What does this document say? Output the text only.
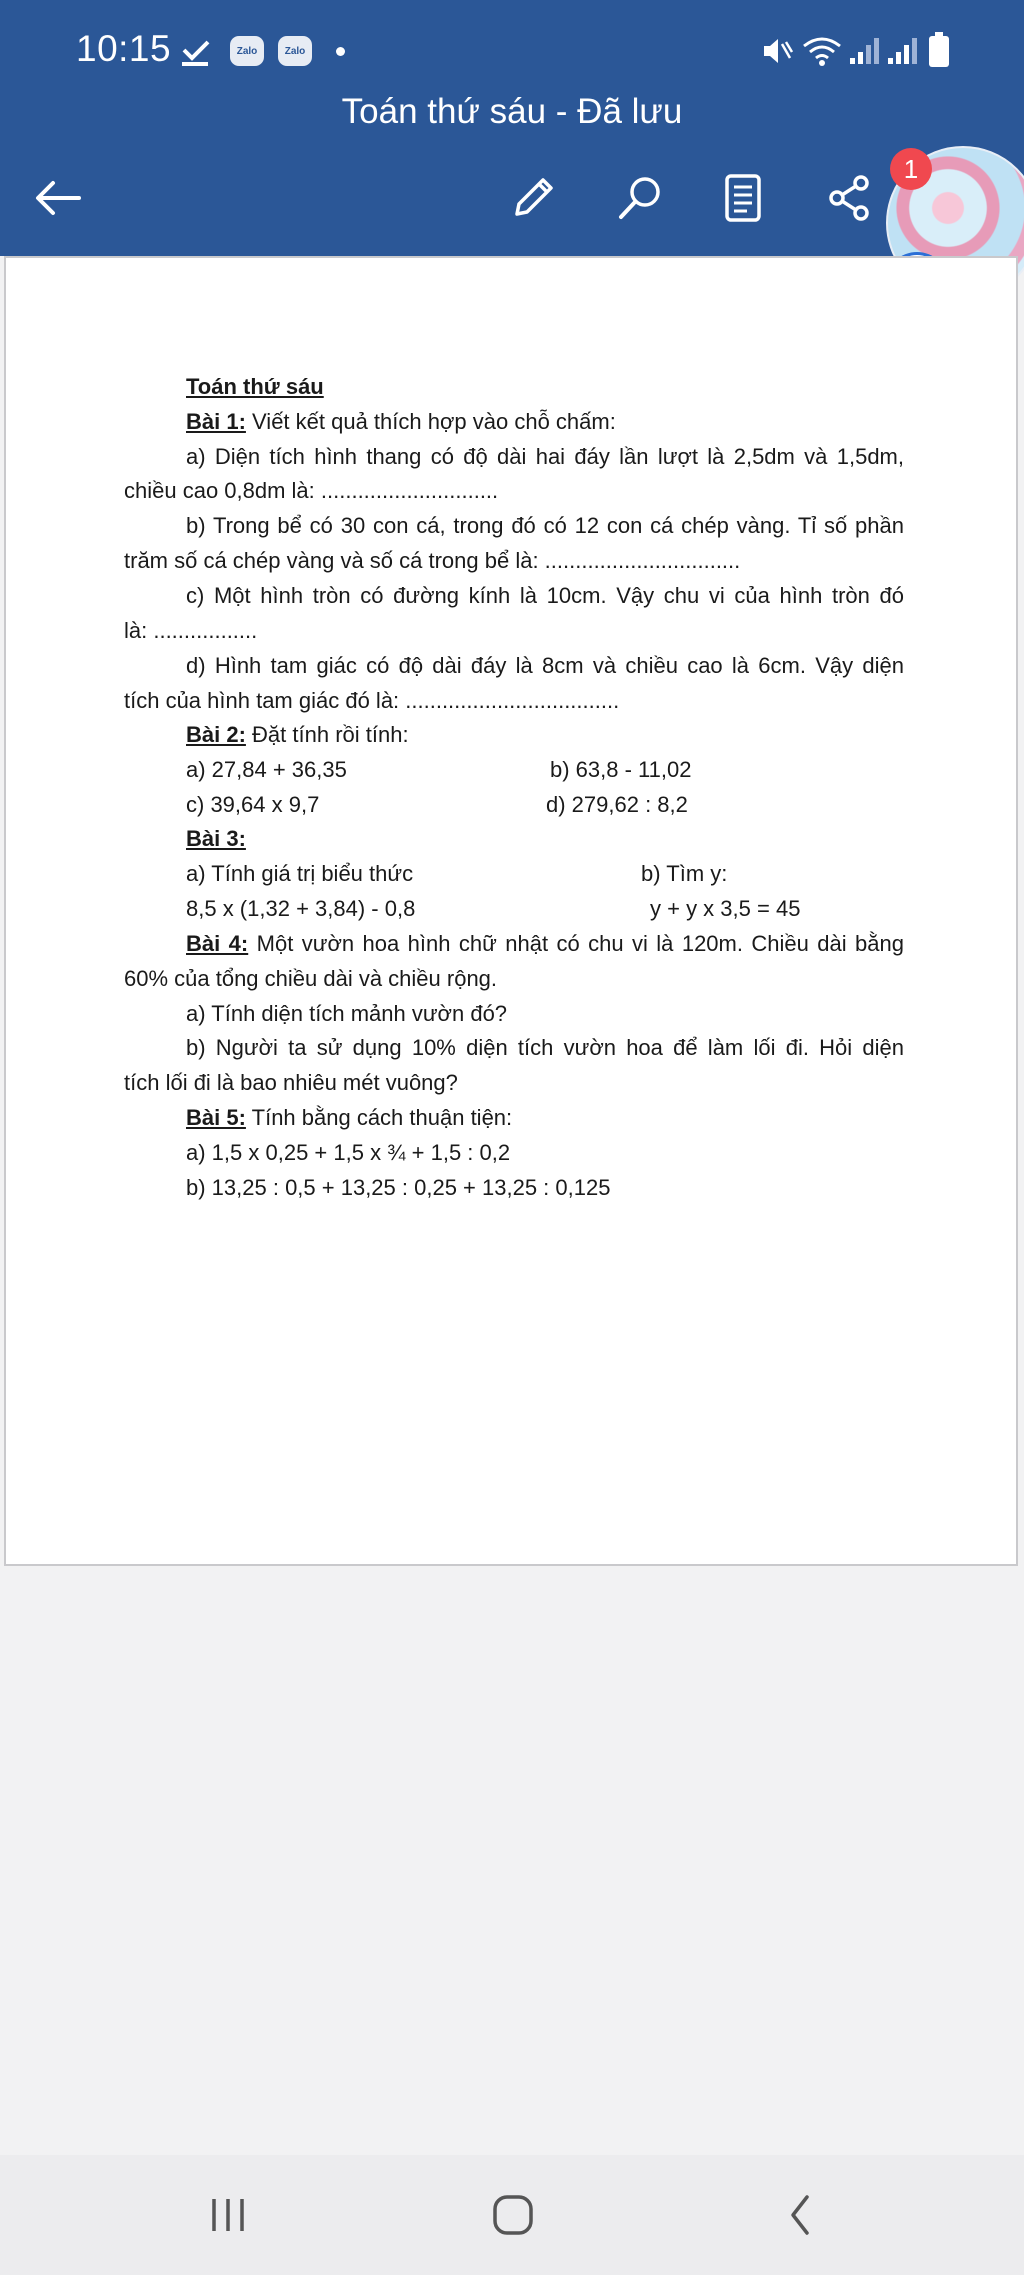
10:15	Zalo	Zalo
Toán thứ sáu - Đã lưu
1
Toán thứ sáu
Bài 1: Viết kết quả thích hợp vào chỗ chấm:
a) Diện tích hình thang có độ dài hai đáy lần lượt là 2,5dm và 1,5dm,
chiều cao 0,8dm là: .............................
b) Trong bể có 30 con cá, trong đó có 12 con cá chép vàng. Tỉ số phần
trăm số cá chép vàng và số cá trong bể là: ................................
c) Một hình tròn có đường kính là 10cm. Vậy chu vi của hình tròn đó
là: .................
d) Hình tam giác có độ dài đáy là 8cm và chiều cao là 6cm. Vậy diện
tích của hình tam giác đó là: ...................................
Bài 2: Đặt tính rồi tính:
a) 27,84 + 36,35	b) 63,8 - 11,02
c) 39,64 x 9,7	d) 279,62 : 8,2
Bài 3:
a) Tính giá trị biểu thức	b) Tìm y:
8,5 x (1,32 + 3,84) - 0,8	y + y x 3,5 = 45
Bài 4: Một vườn hoa hình chữ nhật có chu vi là 120m. Chiều dài bằng
60% của tổng chiều dài và chiều rộng.
a) Tính diện tích mảnh vườn đó?
b) Người ta sử dụng 10% diện tích vườn hoa để làm lối đi. Hỏi diện
tích lối đi là bao nhiêu mét vuông?
Bài 5: Tính bằng cách thuận tiện:
a) 1,5 x 0,25 + 1,5 x ¾ + 1,5 : 0,2
b) 13,25 : 0,5 + 13,25 : 0,25 + 13,25 : 0,125
